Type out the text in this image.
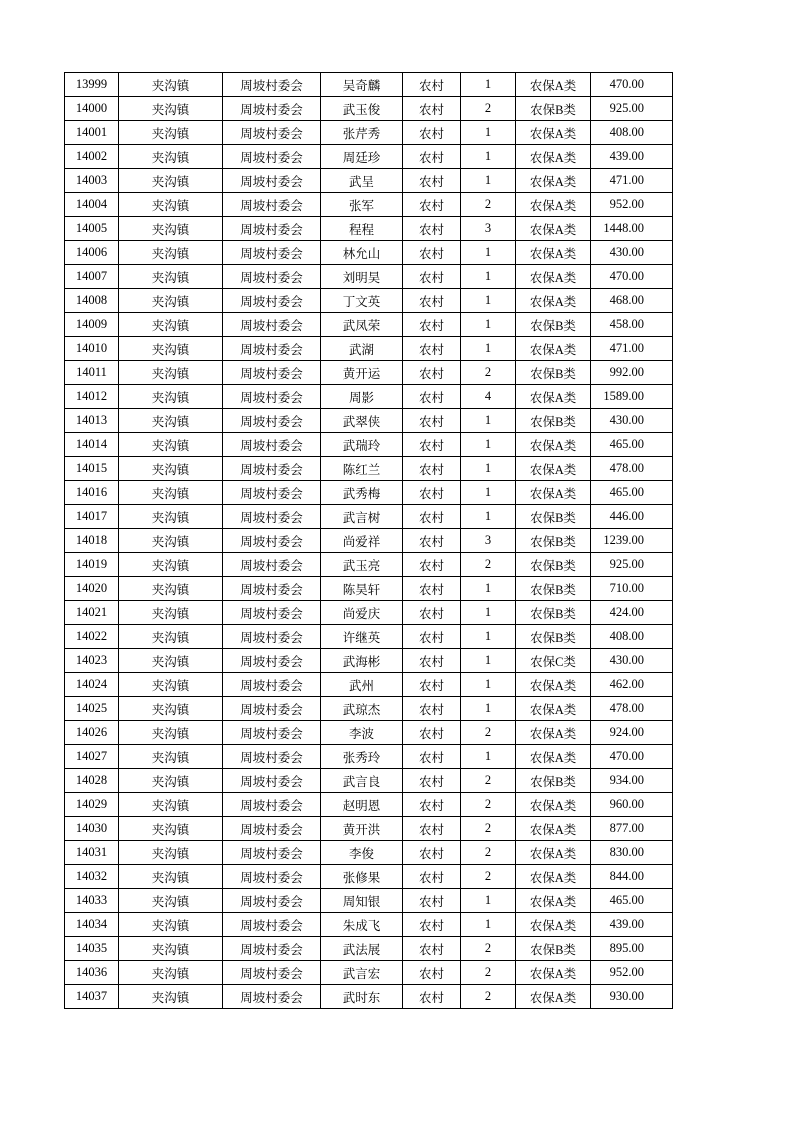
13999	夹沟镇	周坡村委会	吴奇麟	农村	1	农保A类	470.00
14000	夹沟镇	周坡村委会	武玉俊	农村	2	农保B类	925.00
14001	夹沟镇	周坡村委会	张芹秀	农村	1	农保A类	408.00
14002	夹沟镇	周坡村委会	周廷珍	农村	1	农保A类	439.00
14003	夹沟镇	周坡村委会	武呈	农村	1	农保A类	471.00
14004	夹沟镇	周坡村委会	张军	农村	2	农保A类	952.00
14005	夹沟镇	周坡村委会	程程	农村	3	农保A类	1448.00
14006	夹沟镇	周坡村委会	林允山	农村	1	农保A类	430.00
14007	夹沟镇	周坡村委会	刘明昊	农村	1	农保A类	470.00
14008	夹沟镇	周坡村委会	丁文英	农村	1	农保A类	468.00
14009	夹沟镇	周坡村委会	武凤荣	农村	1	农保B类	458.00
14010	夹沟镇	周坡村委会	武湖	农村	1	农保A类	471.00
14011	夹沟镇	周坡村委会	黄开运	农村	2	农保B类	992.00
14012	夹沟镇	周坡村委会	周影	农村	4	农保A类	1589.00
14013	夹沟镇	周坡村委会	武翠侠	农村	1	农保B类	430.00
14014	夹沟镇	周坡村委会	武瑞玲	农村	1	农保A类	465.00
14015	夹沟镇	周坡村委会	陈红兰	农村	1	农保A类	478.00
14016	夹沟镇	周坡村委会	武秀梅	农村	1	农保A类	465.00
14017	夹沟镇	周坡村委会	武言树	农村	1	农保B类	446.00
14018	夹沟镇	周坡村委会	尚爱祥	农村	3	农保B类	1239.00
14019	夹沟镇	周坡村委会	武玉亮	农村	2	农保B类	925.00
14020	夹沟镇	周坡村委会	陈昊轩	农村	1	农保B类	710.00
14021	夹沟镇	周坡村委会	尚爱庆	农村	1	农保B类	424.00
14022	夹沟镇	周坡村委会	许继英	农村	1	农保B类	408.00
14023	夹沟镇	周坡村委会	武海彬	农村	1	农保C类	430.00
14024	夹沟镇	周坡村委会	武州	农村	1	农保A类	462.00
14025	夹沟镇	周坡村委会	武琼杰	农村	1	农保A类	478.00
14026	夹沟镇	周坡村委会	李波	农村	2	农保A类	924.00
14027	夹沟镇	周坡村委会	张秀玲	农村	1	农保A类	470.00
14028	夹沟镇	周坡村委会	武言良	农村	2	农保B类	934.00
14029	夹沟镇	周坡村委会	赵明恩	农村	2	农保A类	960.00
14030	夹沟镇	周坡村委会	黄开洪	农村	2	农保A类	877.00
14031	夹沟镇	周坡村委会	李俊	农村	2	农保A类	830.00
14032	夹沟镇	周坡村委会	张修果	农村	2	农保A类	844.00
14033	夹沟镇	周坡村委会	周知银	农村	1	农保A类	465.00
14034	夹沟镇	周坡村委会	朱成飞	农村	1	农保A类	439.00
14035	夹沟镇	周坡村委会	武法展	农村	2	农保B类	895.00
14036	夹沟镇	周坡村委会	武言宏	农村	2	农保A类	952.00
14037	夹沟镇	周坡村委会	武时东	农村	2	农保A类	930.00
